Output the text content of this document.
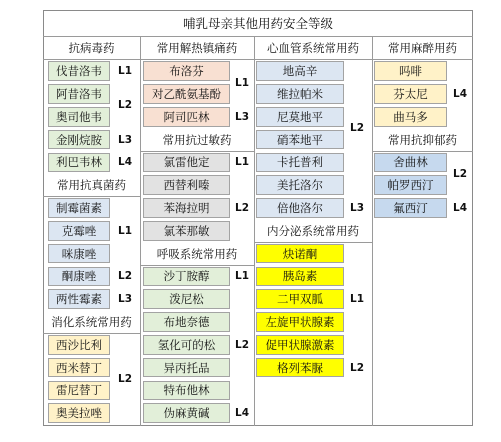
哺乳母亲其他用药安全等级
抗病毒药
伐昔洛韦
阿昔洛韦
奥司他韦
金刚烷胺
利巴韦林
L1
L2
L3
L4
常用抗真菌药
制霉菌素
克霉唑
咪康唑
酮康唑
两性霉素
L1
L2
L3
消化系统常用药
西沙比利
西米替丁
雷尼替丁
奥美拉唑
L2
常用解热镇痛药
布洛芬
对乙酰氨基酚
阿司匹林
L1
L3
常用抗过敏药
氯雷他定
西替利嗪
苯海拉明
氯苯那敏
L1
L2
呼吸系统常用药
沙丁胺醇
泼尼松
布地奈德
氢化可的松
异丙托品
特布他林
伪麻黄碱
L1
L2
L4
心血管系统常用药
地高辛
维拉帕米
尼莫地平
硝苯地平
卡托普利
美托洛尔
倍他洛尔
L2
L3
内分泌系统常用药
炔诺酮
胰岛素
二甲双胍
左旋甲状腺素
促甲状腺激素
格列苯脲
L1
L2
常用麻醉用药
吗啡
芬太尼
曲马多
L4
常用抗抑郁药
舍曲林
帕罗西汀
氟西汀
L2
L4
